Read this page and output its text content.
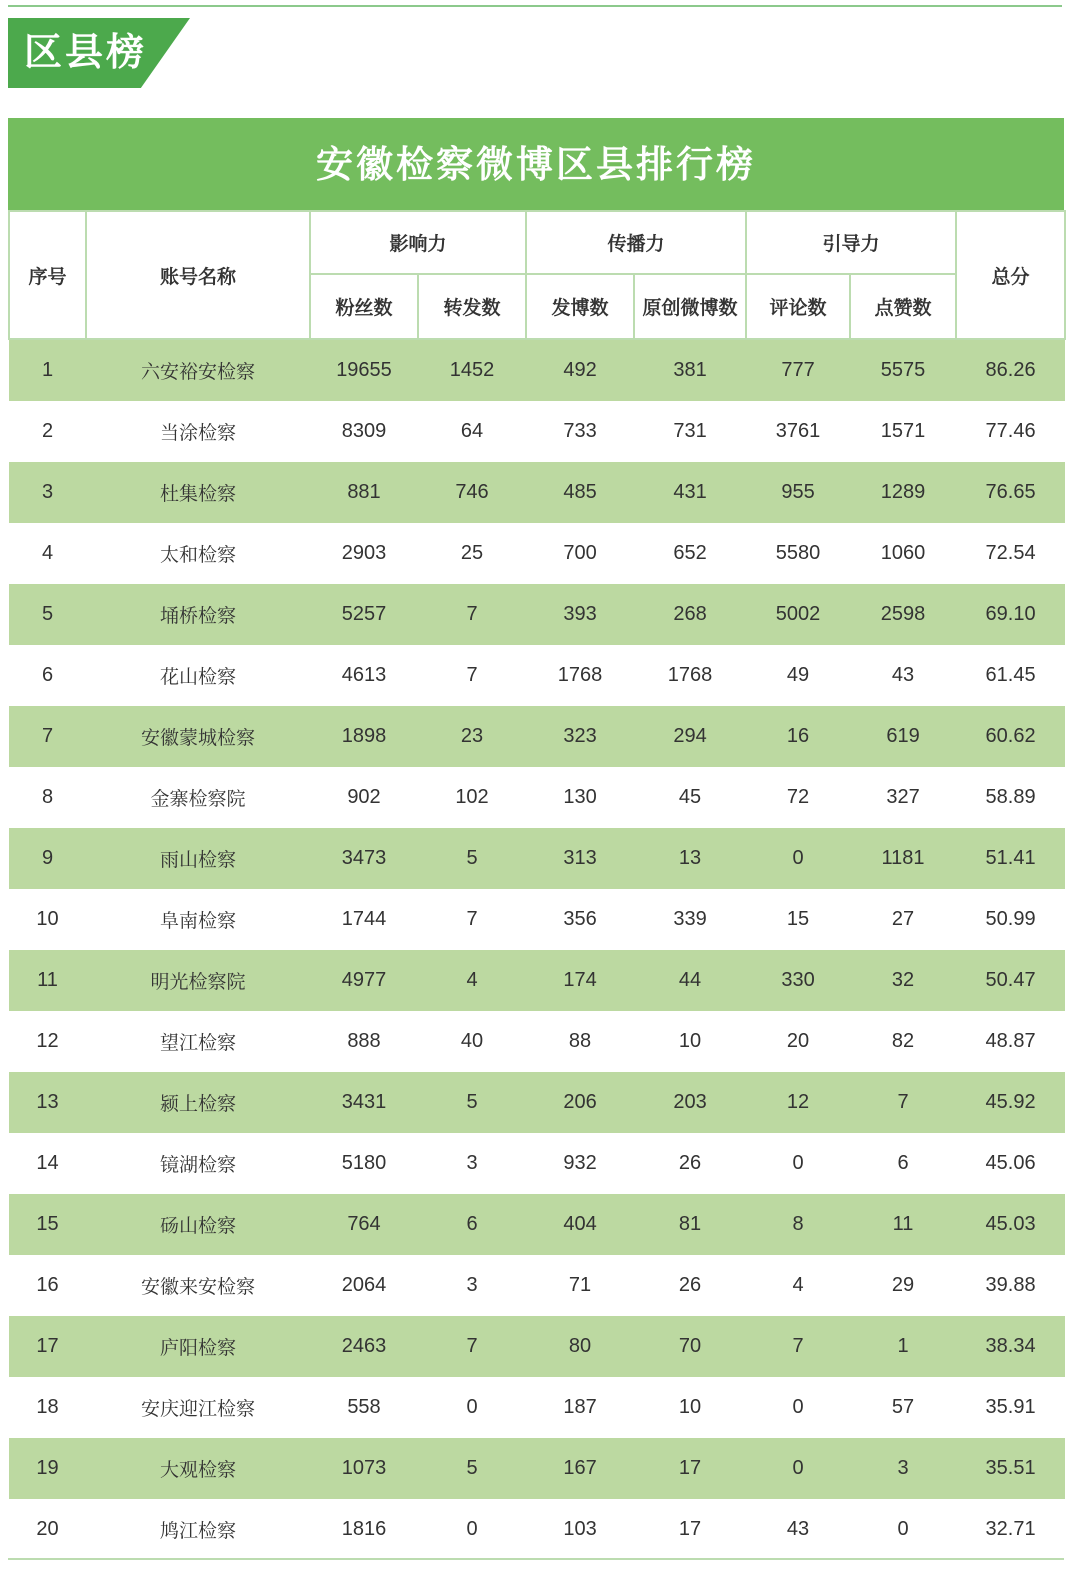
区县榜
安徽检察微博区县排行榜
序号	账号名称	影响力		传播力		引导力		总分
		粉丝数	转发数	发博数	原创微博数	评论数	点赞数	
1	六安裕安检察	19655	1452	492	381	777	5575	86.26
2	当涂检察	8309	64	733	731	3761	1571	77.46
3	杜集检察	881	746	485	431	955	1289	76.65
4	太和检察	2903	25	700	652	5580	1060	72.54
5	埇桥检察	5257	7	393	268	5002	2598	69.10
6	花山检察	4613	7	1768	1768	49	43	61.45
7	安徽蒙城检察	1898	23	323	294	16	619	60.62
8	金寨检察院	902	102	130	45	72	327	58.89
9	雨山检察	3473	5	313	13	0	1181	51.41
10	阜南检察	1744	7	356	339	15	27	50.99
11	明光检察院	4977	4	174	44	330	32	50.47
12	望江检察	888	40	88	10	20	82	48.87
13	颍上检察	3431	5	206	203	12	7	45.92
14	镜湖检察	5180	3	932	26	0	6	45.06
15	砀山检察	764	6	404	81	8	11	45.03
16	安徽来安检察	2064	3	71	26	4	29	39.88
17	庐阳检察	2463	7	80	70	7	1	38.34
18	安庆迎江检察	558	0	187	10	0	57	35.91
19	大观检察	1073	5	167	17	0	3	35.51
20	鸠江检察	1816	0	103	17	43	0	32.71
